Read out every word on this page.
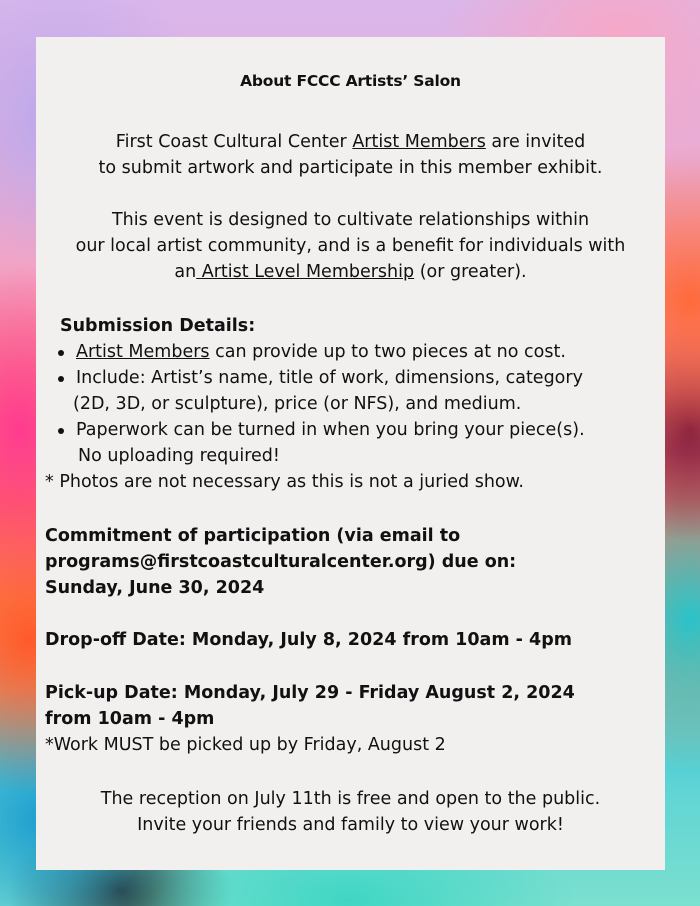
About FCCC Artists’ Salon
First Coast Cultural Center Artist Members are invited
to submit artwork and participate in this member exhibit.
This event is designed to cultivate relationships within
our local artist community, and is a benefit for individuals with
an Artist Level Membership (or greater).
Submission Details:
Artist Members can provide up to two pieces at no cost.
Include: Artist’s name, title of work, dimensions, category
(2D, 3D, or sculpture), price (or NFS), and medium.
Paperwork can be turned in when you bring your piece(s).
No uploading required!
* Photos are not necessary as this is not a juried show.
Commitment of participation (via email to
programs@firstcoastculturalcenter.org) due on:
Sunday, June 30, 2024
Drop-off Date: Monday, July 8, 2024 from 10am - 4pm
Pick-up Date: Monday, July 29 - Friday August 2, 2024
from 10am - 4pm
*Work MUST be picked up by Friday, August 2
The reception on July 11th is free and open to the public.
Invite your friends and family to view your work!
